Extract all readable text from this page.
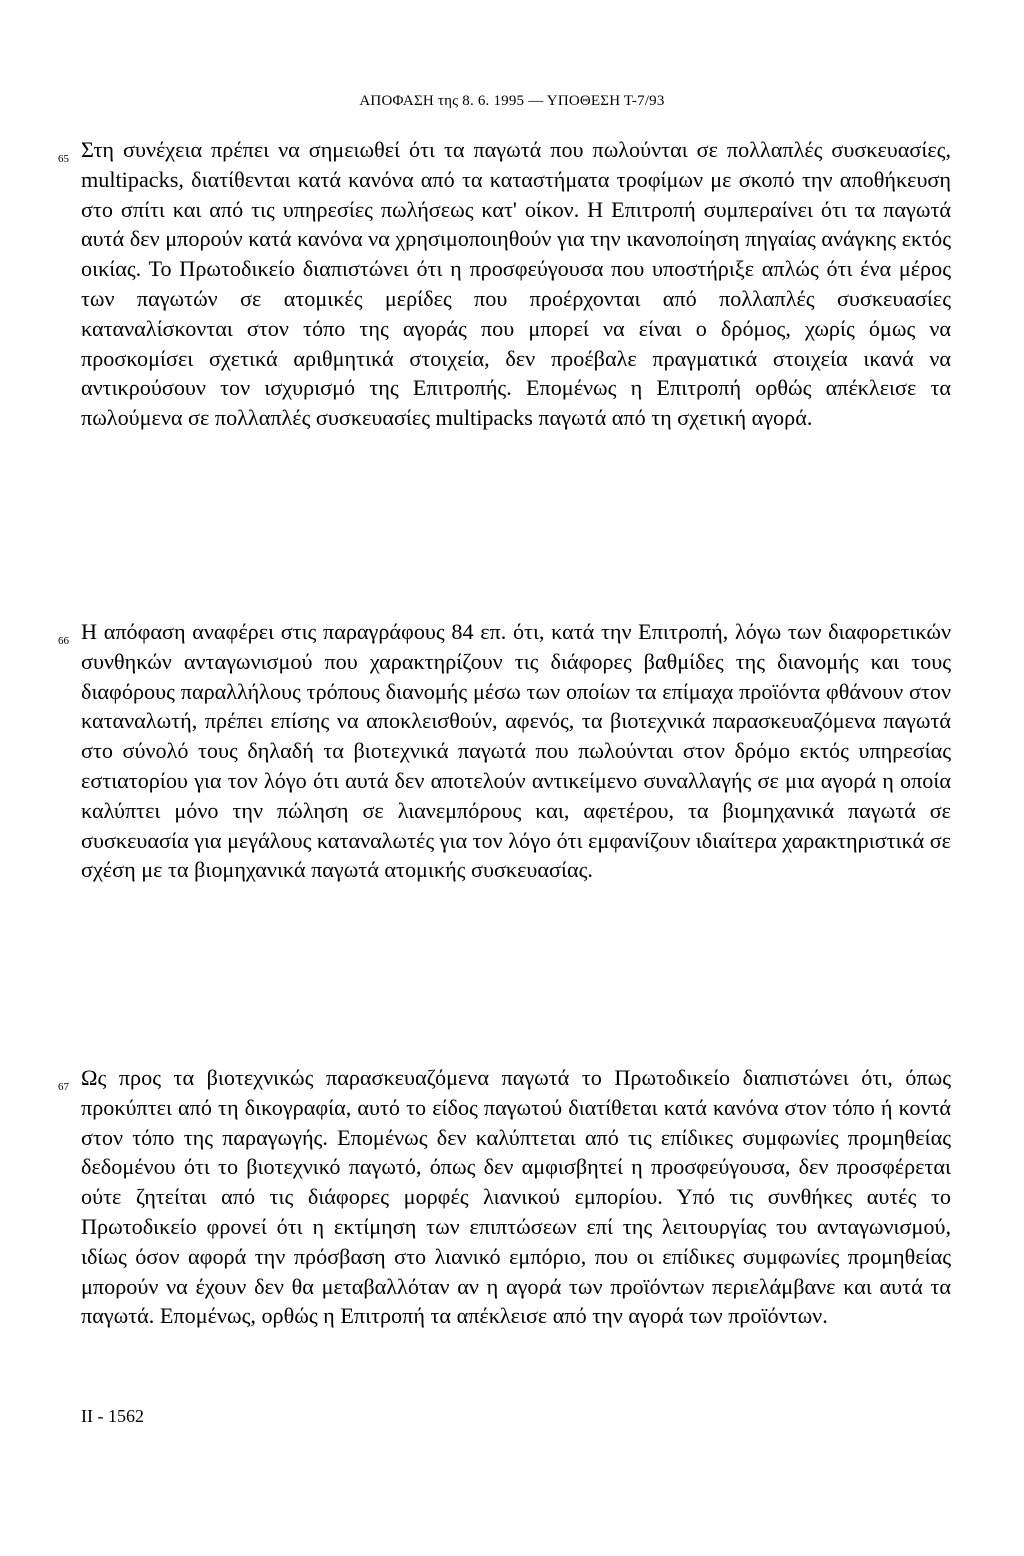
ΑΠΟΦΑΣΗ της 8. 6. 1995 — ΥΠΟΘΕΣΗ Τ-7/93
65 Στη συνέχεια πρέπει να σημειωθεί ότι τα παγωτά που πωλούνται σε πολλαπλές συσκευασίες, multipacks, διατίθενται κατά κανόνα από τα καταστήματα τροφίμων με σκοπό την αποθήκευση στο σπίτι και από τις υπηρεσίες πωλήσεως κατ' οίκον. Η Επιτροπή συμπεραίνει ότι τα παγωτά αυτά δεν μπορούν κατά κανόνα να χρησιμοποιηθούν για την ικανοποίηση πηγαίας ανάγκης εκτός οικίας. Το Πρωτοδικείο διαπιστώνει ότι η προσφεύγουσα που υποστήριξε απλώς ότι ένα μέρος των παγωτών σε ατομικές μερίδες που προέρχονται από πολλαπλές συσκευασίες καταναλίσκονται στον τόπο της αγοράς που μπορεί να είναι ο δρόμος, χωρίς όμως να προσκομίσει σχετικά αριθμητικά στοιχεία, δεν προέβαλε πραγματικά στοιχεία ικανά να αντικρούσουν τον ισχυρισμό της Επιτροπής. Επομένως η Επιτροπή ορθώς απέκλεισε τα πωλούμενα σε πολλαπλές συσκευασίες multipacks παγωτά από τη σχετική αγορά.
66 Η απόφαση αναφέρει στις παραγράφους 84 επ. ότι, κατά την Επιτροπή, λόγω των διαφορετικών συνθηκών ανταγωνισμού που χαρακτηρίζουν τις διάφορες βαθμίδες της διανομής και τους διαφόρους παραλλήλους τρόπους διανομής μέσω των οποίων τα επίμαχα προϊόντα φθάνουν στον καταναλωτή, πρέπει επίσης να αποκλεισθούν, αφενός, τα βιοτεχνικά παρασκευαζόμενα παγωτά στο σύνολό τους δηλαδή τα βιοτεχνικά παγωτά που πωλούνται στον δρόμο εκτός υπηρεσίας εστιατορίου για τον λόγο ότι αυτά δεν αποτελούν αντικείμενο συναλλαγής σε μια αγορά η οποία καλύπτει μόνο την πώληση σε λιανεμπόρους και, αφετέρου, τα βιομηχανικά παγωτά σε συσκευασία για μεγάλους καταναλωτές για τον λόγο ότι εμφανίζουν ιδιαίτερα χαρακτηριστικά σε σχέση με τα βιομηχανικά παγωτά ατομικής συσκευασίας.
67 Ως προς τα βιοτεχνικώς παρασκευαζόμενα παγωτά το Πρωτοδικείο διαπιστώνει ότι, όπως προκύπτει από τη δικογραφία, αυτό το είδος παγωτού διατίθεται κατά κανόνα στον τόπο ή κοντά στον τόπο της παραγωγής. Επομένως δεν καλύπτεται από τις επίδικες συμφωνίες προμηθείας δεδομένου ότι το βιοτεχνικό παγωτό, όπως δεν αμφισβητεί η προσφεύγουσα, δεν προσφέρεται ούτε ζητείται από τις διάφορες μορφές λιανικού εμπορίου. Υπό τις συνθήκες αυτές το Πρωτοδικείο φρονεί ότι η εκτίμηση των επιπτώσεων επί της λειτουργίας του ανταγωνισμού, ιδίως όσον αφορά την πρόσβαση στο λιανικό εμπόριο, που οι επίδικες συμφωνίες προμηθείας μπορούν να έχουν δεν θα μεταβαλλόταν αν η αγορά των προϊόντων περιελάμβανε και αυτά τα παγωτά. Επομένως, ορθώς η Επιτροπή τα απέκλεισε από την αγορά των προϊόντων.
II - 1562
